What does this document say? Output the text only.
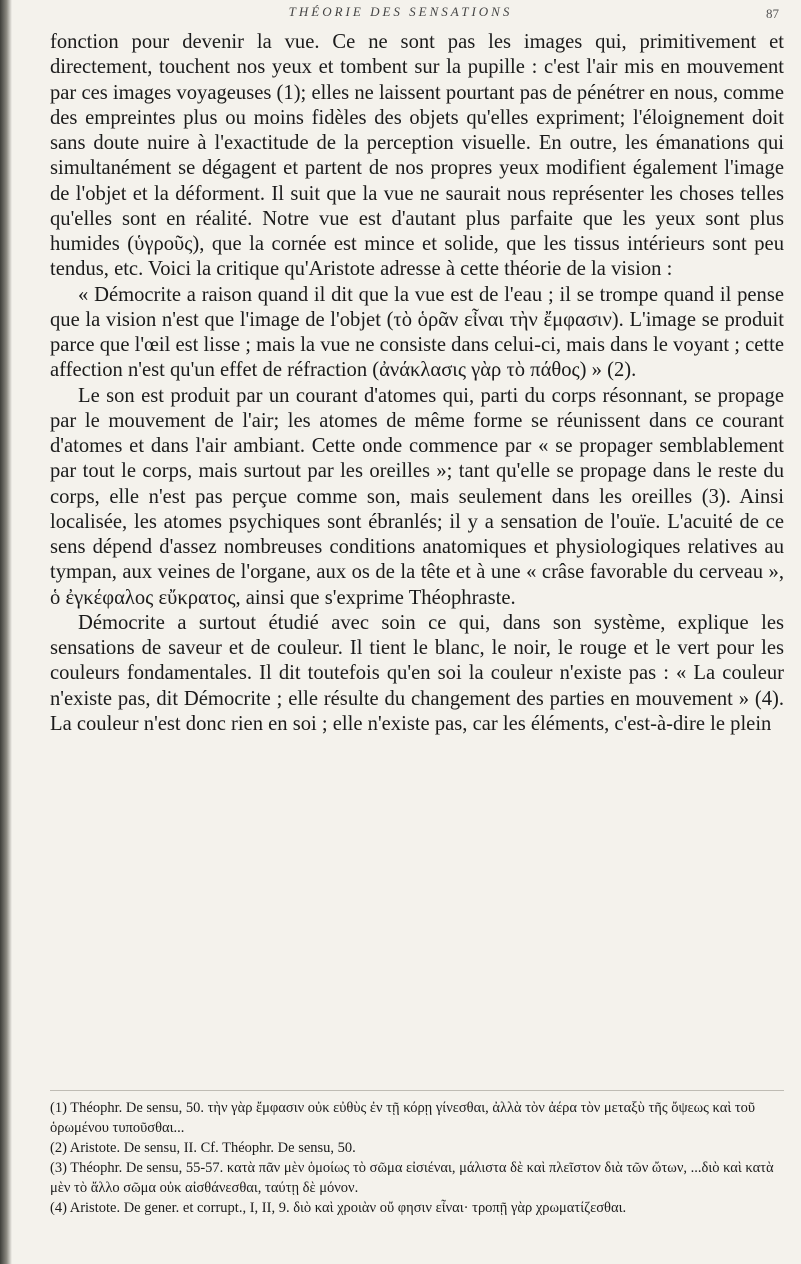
THÉORIE DES SENSATIONS	87

fonction pour devenir la vue. Ce ne sont pas les images qui, primitivement et directement, touchent nos yeux et tombent sur la pupille : c'est l'air mis en mouvement par ces images voyageuses (1); elles ne laissent pourtant pas de pénétrer en nous, comme des empreintes plus ou moins fidèles des objets qu'elles expriment; l'éloignement doit sans doute nuire à l'exactitude de la perception visuelle. En outre, les émanations qui simultanément se dégagent et partent de nos propres yeux modifient également l'image de l'objet et la déforment. Il suit que la vue ne saurait nous représenter les choses telles qu'elles sont en réalité. Notre vue est d'autant plus parfaite que les yeux sont plus humides (ὑγροῦς), que la cornée est mince et solide, que les tissus intérieurs sont peu tendus, etc. Voici la critique qu'Aristote adresse à cette théorie de la vision :

« Démocrite a raison quand il dit que la vue est de l'eau ; il se trompe quand il pense que la vision n'est que l'image de l'objet (τὸ ὁρᾶν εἶναι τὴν ἔμφασιν). L'image se produit parce que l'œil est lisse ; mais la vue ne consiste dans celui-ci, mais dans le voyant ; cette affection n'est qu'un effet de réfraction (ἀνάκλασις γὰρ τὸ πάθος) » (2).

Le son est produit par un courant d'atomes qui, parti du corps résonnant, se propage par le mouvement de l'air; les atomes de même forme se réunissent dans ce courant d'atomes et dans l'air ambiant. Cette onde commence par « se propager semblablement par tout le corps, mais surtout par les oreilles »; tant qu'elle se propage dans le reste du corps, elle n'est pas perçue comme son, mais seulement dans les oreilles (3). Ainsi localisée, les atomes psychiques sont ébranlés; il y a sensation de l'ouïe. L'acuité de ce sens dépend d'assez nombreuses conditions anatomiques et physiologiques relatives au tympan, aux veines de l'organe, aux os de la tête et à une « crâse favorable du cerveau », ὁ ἐγκέφαλος εὔκρατος, ainsi que s'exprime Théophraste.

Démocrite a surtout étudié avec soin ce qui, dans son système, explique les sensations de saveur et de couleur. Il tient le blanc, le noir, le rouge et le vert pour les couleurs fondamentales. Il dit toutefois qu'en soi la couleur n'existe pas : « La couleur n'existe pas, dit Démocrite ; elle résulte du changement des parties en mouvement » (4). La couleur n'est donc rien en soi ; elle n'existe pas, car les éléments, c'est-à-dire le plein

(1) Théophr. De sensu, 50. τὴν γὰρ ἔμφασιν οὐκ εὐθὺς ἐν τῇ κόρῃ γίνεσθαι, ἀλλὰ τὸν ἀέρα τὸν μεταξὺ τῆς ὄψεως καὶ τοῦ ὁρωμένου τυποῦσθαι...

(2) Aristote. De sensu, II. Cf. Théophr. De sensu, 50.

(3) Théophr. De sensu, 55-57. κατὰ πᾶν μὲν ὁμοίως τὸ σῶμα εἰσιέναι, μάλιστα δὲ καὶ πλεῖστον διὰ τῶν ὤτων, ...διὸ καὶ κατὰ μὲν τὸ ἄλλο σῶμα οὐκ αἰσθάνεσθαι, ταύτῃ δὲ μόνον.

(4) Aristote. De gener. et corrupt., I, II, 9. διὸ καὶ χροιὰν οὔ φησιν εἶναι· τροπῇ γὰρ χρωματίζεσθαι.
